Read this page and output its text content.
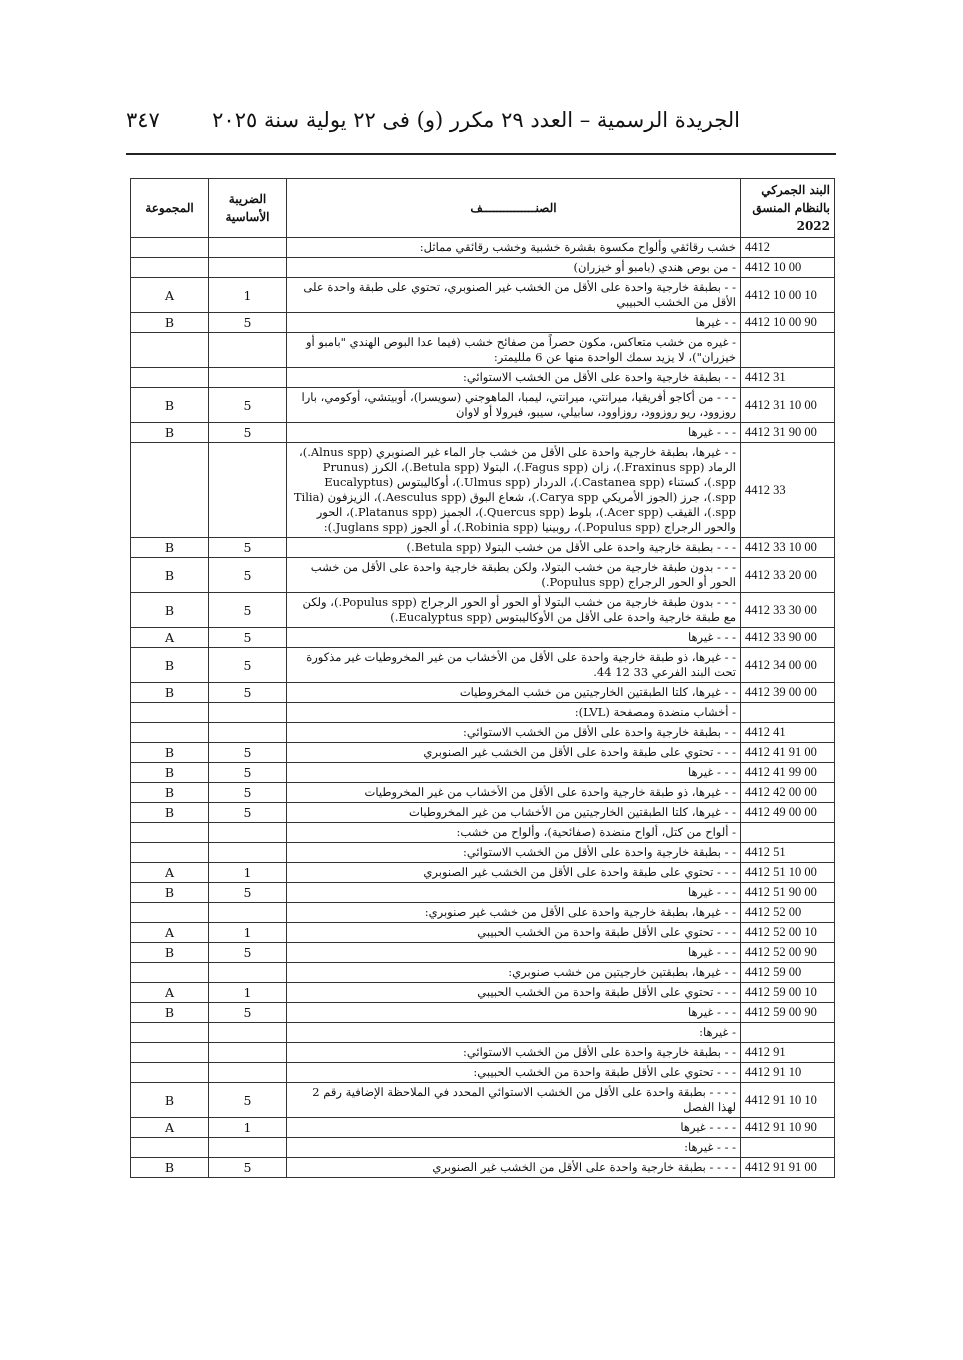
الجريدة الرسمية – العدد ٢٩ مكرر (و) فى ٢٢ يولية سنة ٢٠٢٥
٣٤٧
البند الجمركي بالنظام المنسق 2022	الصنـــــــــــــــف	الضريبة الأساسية	المجموعة
4412	خشب رقائقي وألواح مكسوة بقشرة خشبية وخشب رقائقي مماثل:		
4412 10 00	- من بوص هندي (بامبو أو خيزران)		
4412 10 00 10	- - بطبقة خارجية واحدة على الأقل من الخشب غير الصنوبري، تحتوي على طبقة واحدة على الأقل من الخشب الحبيبي	1	A
4412 10 00 90	- - غيرها	5	B
	- غيره من خشب متعاكس، مكون حصراً من صفائح خشب (فيما عدا البوص الهندي "بامبو أو خيزران")، لا يزيد سمك الواحدة منها عن 6 ملليمتر:		
4412 31	- - بطبقة خارجية واحدة على الأقل من الخشب الاستوائي:		
4412 31 10 00	- - - من أكاجو أفريقيا، ميرانتي، ميرانتي، ليمبا، الماهوجني (سويسرا)، أوبيتشي، أوكومي، بارا روزوود، ريو روزوود، روزاوود، سابيلي، سيبو، فيرولا أو لاوان	5	B
4412 31 90 00	- - - غيرها	5	B
4412 33	- - غيرها، بطبقة خارجية واحدة على الأقل من خشب جار الماء غير الصنوبري (Alnus spp.)، الرماد (Fraxinus spp.)، زان (Fagus spp.)، البتولا (Betula spp.)، الكرز (Prunus spp.)، كستناء (Castanea spp.)، الدردار (Ulmus spp.)، أوكاليبتوس (Eucalyptus spp.)، جرز (الجوز الأمريكي Carya spp.)، شعاع البوق (Aesculus spp.)، الزيزفون (Tilia spp.)، القيقب (Acer spp.)، بلوط (Quercus spp.)، الجميز (Platanus spp.)، الحور والحور الرجراج (Populus spp.)، روبينيا (Robinia spp.)، أو الجوز (Juglans spp.):		
4412 33 10 00	- - - بطبقة خارجية واحدة على الأقل من خشب البتولا (Betula spp.)	5	B
4412 33 20 00	- - - بدون طبقة خارجية من خشب البتولا، ولكن بطبقة خارجية واحدة على الأقل من خشب الحور أو الحور الرجراج (Populus spp.)	5	B
4412 33 30 00	- - - بدون طبقة خارجية من خشب البتولا أو الحور أو الحور الرجراج (Populus spp.)، ولكن مع طبقة خارجية واحدة على الأقل من الأوكاليبتوس (Eucalyptus spp.)	5	B
4412 33 90 00	- - - غيرها	5	A
4412 34 00 00	- - غيرها، ذو طبقة خارجية واحدة على الأقل من الأخشاب من غير المخروطيات غير مذكورة تحت البند الفرعي 33 12 44.	5	B
4412 39 00 00	- - غيرها، كلتا الطبقتين الخارجيتين من خشب المخروطيات	5	B
	- أخشاب منضدة ومصفحة (LVL):		
4412 41	- - بطبقة خارجية واحدة على الأقل من الخشب الاستوائي:		
4412 41 91 00	- - - تحتوي على طبقة واحدة على الأقل من الخشب غير الصنوبري	5	B
4412 41 99 00	- - - غيرها	5	B
4412 42 00 00	- - غيرها، ذو طبقة خارجية واحدة على الأقل من الأخشاب من غير المخروطيات	5	B
4412 49 00 00	- - غيرها، كلتا الطبقتين الخارجيتين من الأخشاب من غير المخروطيات	5	B
	- ألواح من كتل، ألواح منضدة (صفائحية)، وألواح من خشب:		
4412 51	- - بطبقة خارجية واحدة على الأقل من الخشب الاستوائي:		
4412 51 10 00	- - - تحتوي على طبقة واحدة على الأقل من الخشب غير الصنوبري	1	A
4412 51 90 00	- - - غيرها	5	B
4412 52 00	- - غيرها، بطبقة خارجية واحدة على الأقل من خشب غير صنوبري:		
4412 52 00 10	- - - تحتوي على الأقل طبقة واحدة من الخشب الحبيبي	1	A
4412 52 00 90	- - - غيرها	5	B
4412 59 00	- - غيرها، بطبقتين خارجيتين من خشب صنوبري:		
4412 59 00 10	- - - تحتوي على الأقل طبقة واحدة من الخشب الحبيبي	1	A
4412 59 00 90	- - - غيرها	5	B
	- غيرها:		
4412 91	- - بطبقة خارجية واحدة على الأقل من الخشب الاستوائي:		
4412 91 10	- - - تحتوي على الأقل طبقة واحدة من الخشب الحبيبي:		
4412 91 10 10	- - - - بطبقة واحدة على الأقل من الخشب الاستوائي المحدد في الملاحظة الإضافية رقم 2 لهذا الفصل	5	B
4412 91 10 90	- - - - غيرها	1	A
	- - - غيرها:		
4412 91 91 00	- - - - بطبقة خارجية واحدة على الأقل من الخشب غير الصنوبري	5	B
